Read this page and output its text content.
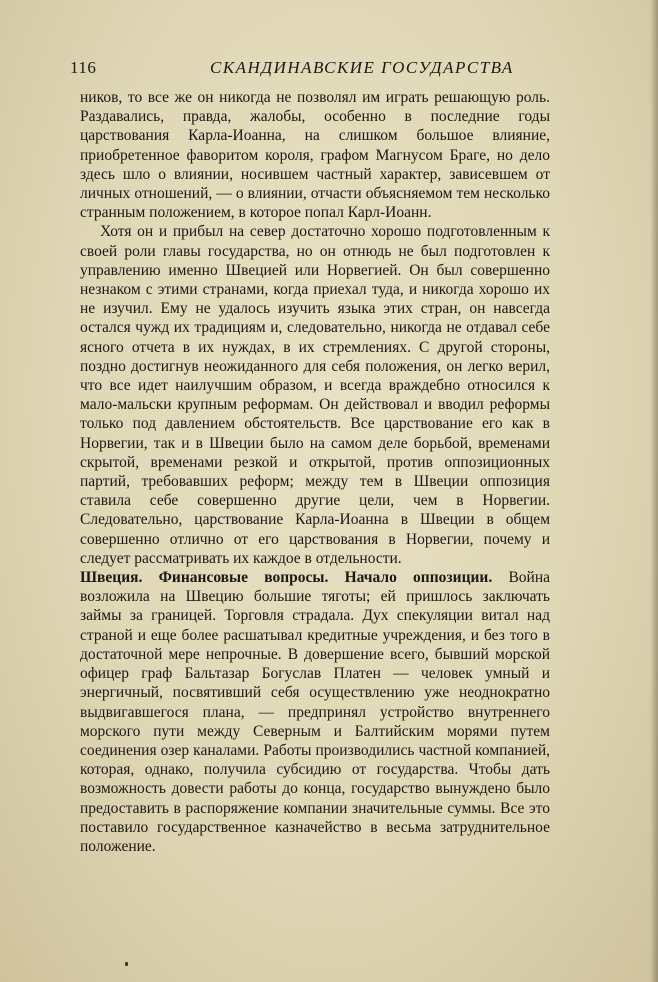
116	СКАНДИНАВСКИЕ ГОСУДАРСТВА

ников, то все же он никогда не позволял им играть решающую роль. Раздавались, правда, жалобы, особенно в последние годы царствования Карла-Иоанна, на слишком большое влияние, приобретенное фаворитом короля, графом Магнусом Браге, но дело здесь шло о влиянии, носившем частный характер, зависевшем от личных отношений, — о влиянии, отчасти объясняемом тем несколько странным положением, в которое попал Карл-Иоанн.

Хотя он и прибыл на север достаточно хорошо подготовленным к своей роли главы государства, но он отнюдь не был подготовлен к управлению именно Швецией или Норвегией. Он был совершенно незнаком с этими странами, когда приехал туда, и никогда хорошо их не изучил. Ему не удалось изучить языка этих стран, он навсегда остался чужд их традициям и, следовательно, никогда не отдавал себе ясного отчета в их нуждах, в их стремлениях. С другой стороны, поздно достигнув неожиданного для себя положения, он легко верил, что все идет наилучшим образом, и всегда враждебно относился к мало-мальски крупным реформам. Он действовал и вводил реформы только под давлением обстоятельств. Все царствование его как в Норвегии, так и в Швеции было на самом деле борьбой, временами скрытой, временами резкой и открытой, против оппозиционных партий, требовавших реформ; между тем в Швеции оппозиция ставила себе совершенно другие цели, чем в Норвегии. Следовательно, царствование Карла-Иоанна в Швеции в общем совершенно отлично от его царствования в Норвегии, почему и следует рассматривать их каждое в отдельности.

Швеция. Финансовые вопросы. Начало оппозиции. Война возложила на Швецию большие тяготы; ей пришлось заключать займы за границей. Торговля страдала. Дух спекуляции витал над страной и еще более расшатывал кредитные учреждения, и без того в достаточной мере непрочные. В довершение всего, бывший морской офицер граф Бальтазар Богуслав Платен — человек умный и энергичный, посвятивший себя осуществлению уже неоднократно выдвигавшегося плана, — предпринял устройство внутреннего морского пути между Северным и Балтийским морями путем соединения озер каналами. Работы производились частной компанией, которая, однако, получила субсидию от государства. Чтобы дать возможность довести работы до конца, государство вынуждено было предоставить в распоряжение компании значительные суммы. Все это поставило государственное казначейство в весьма затруднительное положение.
